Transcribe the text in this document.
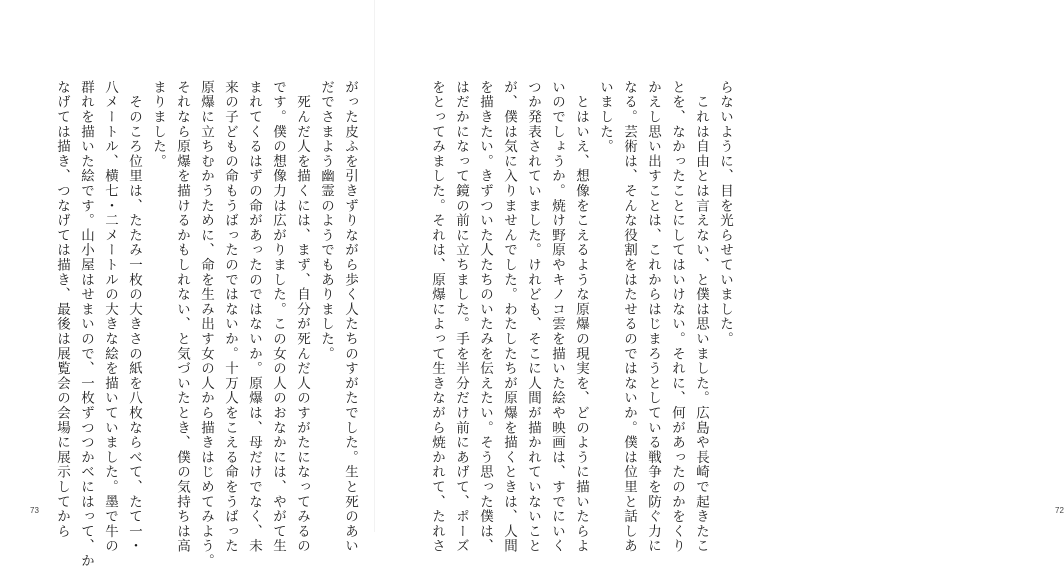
がった皮ふを引きずりながら歩く人たちのすがたでした。生と死のあい
だでさまよう幽霊のようでもありました。
　死んだ人を描くには、まず、自分が死んだ人のすがたになってみるの
です。僕の想像力は広がりました。この女の人のおなかには、やがて生
まれてくるはずの命があったのではないか。原爆は、母だけでなく、未
来の子どもの命もうばったのではないか。十万人をこえる命をうばった
原爆に立ちむかうために、命を生み出す女の人から描きはじめてみよう。
それなら原爆を描けるかもしれない、と気づいたとき、僕の気持ちは高
まりました。
　そのころ位里は、たたみ一枚の大きさの紙を八枚ならべて、たて一・
八メートル、横七・二メートルの大きな絵を描いていました。墨で牛の
群れを描いた絵です。山小屋はせまいので、一枚ずつつかべにはって、か
なげては描き、つなげては描き、最後は展覧会の会場に展示してから
73
らないように、目を光らせていました。
　これは自由とは言えない、と僕は思いました。広島や長崎で起きたこ
とを、なかったことにしてはいけない。それに、何があったのかをくり
かえし思い出すことは、これからはじまろうとしている戦争を防ぐ力に
なる。芸術は、そんな役割をはたせるのではないか。僕は位里と話しあ
いました。
　とはいえ、想像をこえるような原爆の現実を、どのように描いたらよ
いのでしょうか。焼け野原やキノコ雲を描いた絵や映画は、すでにいく
つか発表されていました。けれども、そこに人間が描かれていないこと
が、僕は気に入りませんでした。わたしたちが原爆を描くときは、人間
を描きたい。きずついた人たちのいたみを伝えたい。そう思った僕は、
はだかになって鏡の前に立ちました。手を半分だけ前にあげて、ポーズ
をとってみました。それは、原爆によって生きながら焼かれて、たれさ	72
